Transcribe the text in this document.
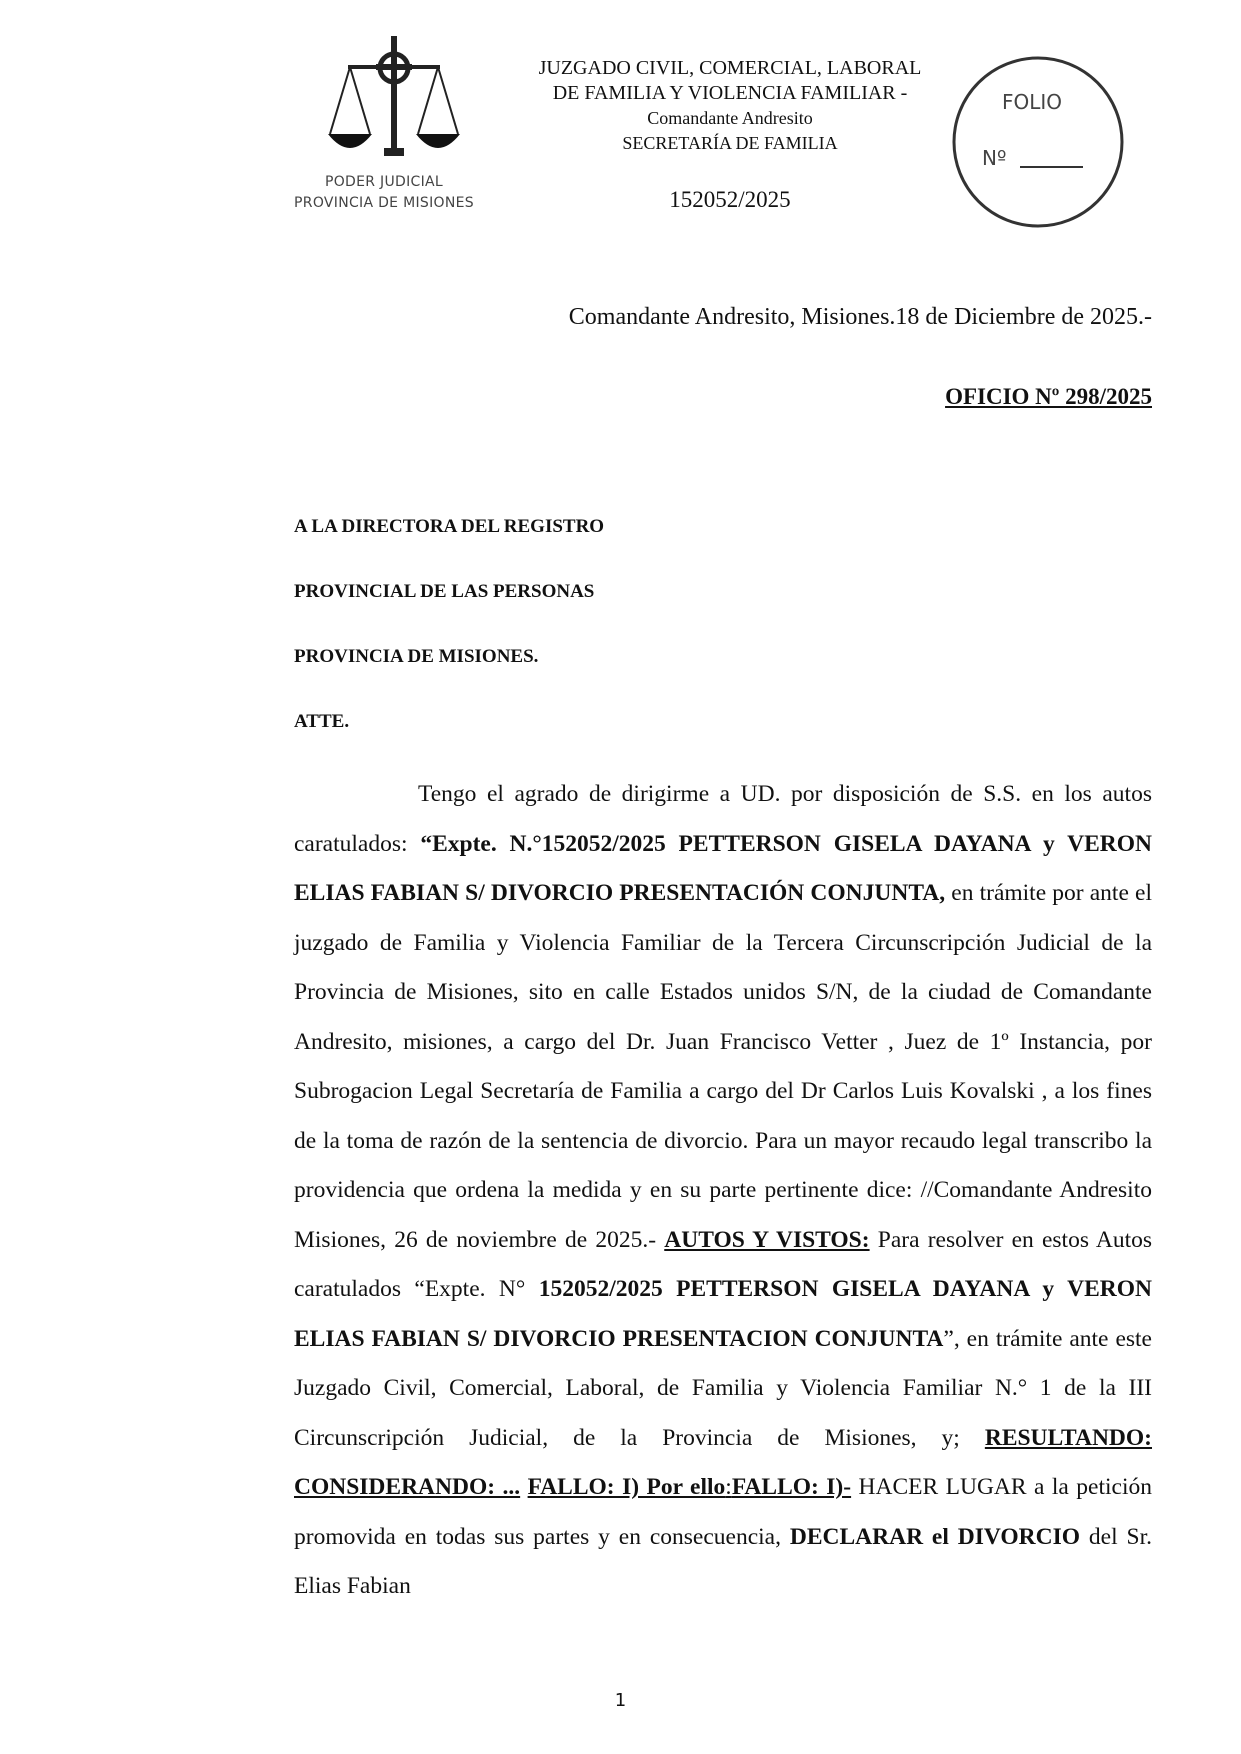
PODER JUDICIAL
PROVINCIA DE MISIONES
JUZGADO CIVIL, COMERCIAL, LABORAL
DE FAMILIA Y VIOLENCIA FAMILIAR -
Comandante Andresito
SECRETARÍA DE FAMILIA
152052/2025
FOLIO
Nº
Comandante Andresito, Misiones.18 de Diciembre de 2025.-
OFICIO Nº 298/2025
A LA DIRECTORA DEL REGISTRO
PROVINCIAL DE LAS PERSONAS
PROVINCIA DE MISIONES.
ATTE.

Tengo el agrado de dirigirme a UD. por disposición de S.S. en los autos caratulados: “Expte. N.°152052/2025 PETTERSON GISELA DAYANA y VERON ELIAS FABIAN S/ DIVORCIO PRESENTACIÓN CONJUNTA, en trámite por ante el juzgado de Familia y Violencia Familiar de la Tercera Circunscripción Judicial de la Provincia de Misiones, sito en calle Estados unidos S/N, de la ciudad de Comandante Andresito, misiones, a cargo del Dr. Juan Francisco Vetter , Juez de 1º Instancia, por Subrogacion Legal Secretaría de Familia a cargo del Dr Carlos Luis Kovalski , a los fines de la toma de razón de la sentencia de divorcio. Para un mayor recaudo legal transcribo la providencia que ordena la medida y en su parte pertinente dice: //Comandante Andresito Misiones, 26 de noviembre de 2025.- AUTOS Y VISTOS: Para resolver en estos Autos caratulados “Expte. N° 152052/2025 PETTERSON GISELA DAYANA y VERON ELIAS FABIAN S/ DIVORCIO PRESENTACION CONJUNTA”, en trámite ante este Juzgado Civil, Comercial, Laboral, de Familia y Violencia Familiar N.° 1 de la III Circunscripción Judicial, de la Provincia de Misiones, y; RESULTANDO: CONSIDERANDO: ... FALLO: I) Por ello:FALLO: I)- HACER LUGAR a la petición promovida en todas sus partes y en consecuencia, DECLARAR el DIVORCIO del Sr. Elias Fabian

1
